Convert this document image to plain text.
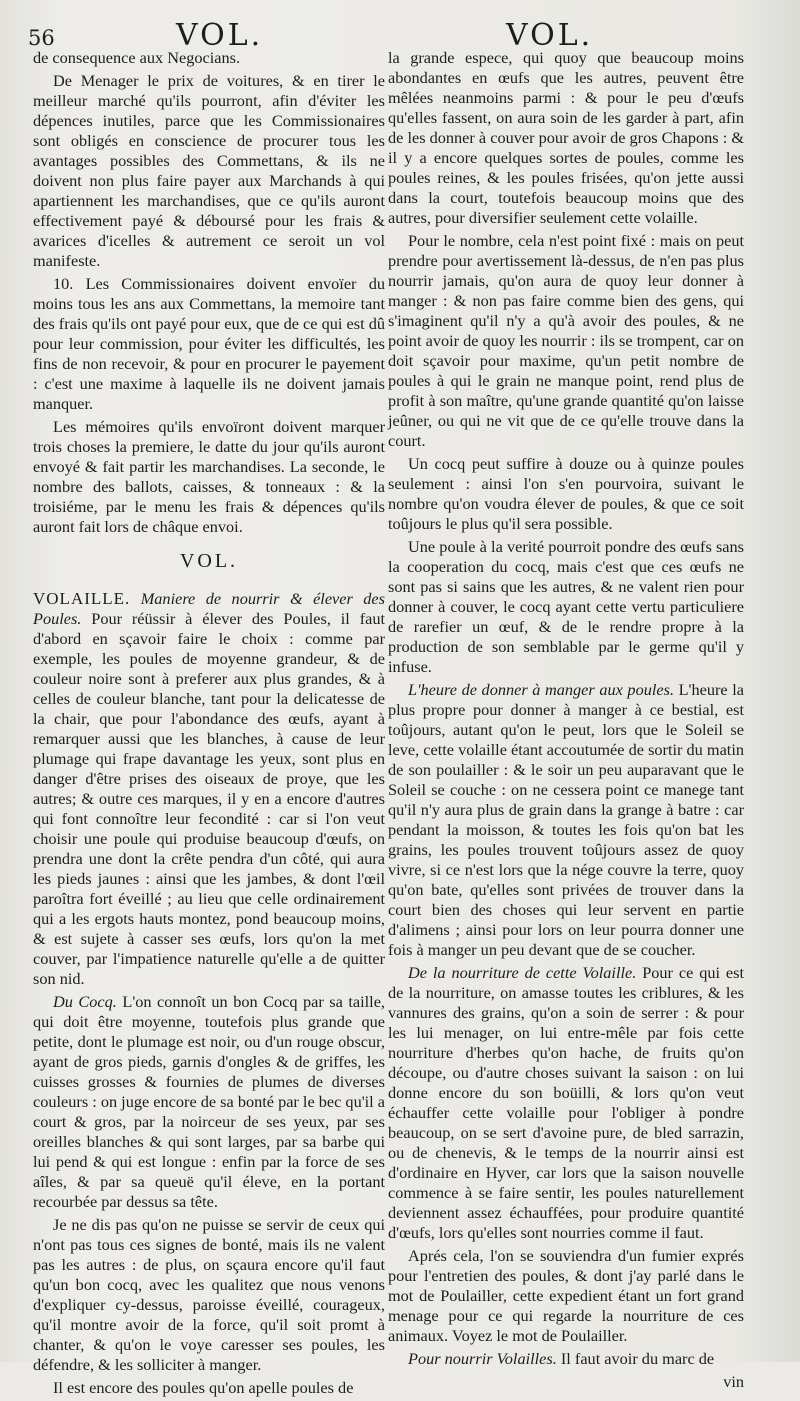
56	VOL.	VOL.

de consequence aux Negocians.

De Menager le prix de voitures, & en tirer le meilleur marché qu'ils pourront, afin d'éviter les dépences inutiles, parce que les Commissionaires sont obligés en conscience de procurer tous les avantages possibles des Commettans, & ils ne doivent non plus faire payer aux Marchands à qui apartiennent les marchandises, que ce qu'ils auront effectivement payé & déboursé pour les frais & avarices d'icelles & autrement ce seroit un vol manifeste.

10. Les Commissionaires doivent envoïer du moins tous les ans aux Commettans, la memoire tant des frais qu'ils ont payé pour eux, que de ce qui est dû pour leur commission, pour éviter les difficultés, les fins de non recevoir, & pour en procurer le payement : c'est une maxime à laquelle ils ne doivent jamais manquer.

Les mémoires qu'ils envoïront doivent marquer trois choses la premiere, le datte du jour qu'ils auront envoyé & fait partir les marchandises. La seconde, le nombre des ballots, caisses, & tonneaux : & la troisiéme, par le menu les frais & dépences qu'ils auront fait lors de châque envoi.

VOL.

VOLAILLE. Maniere de nourrir & élever des Poules. Pour réüssir à élever des Poules, il faut d'abord en sçavoir faire le choix : comme par exemple, les poules de moyenne grandeur, & de couleur noire sont à preferer aux plus grandes, & à celles de couleur blanche, tant pour la delicatesse de la chair, que pour l'abondance des œufs, ayant à remarquer aussi que les blanches, à cause de leur plumage qui frape davantage les yeux, sont plus en danger d'être prises des oiseaux de proye, que les autres; & outre ces marques, il y en a encore d'autres qui font connoître leur fecondité : car si l'on veut choisir une poule qui produise beaucoup d'œufs, on prendra une dont la crête pendra d'un côté, qui aura les pieds jaunes : ainsi que les jambes, & dont l'œil paroîtra fort éveillé ; au lieu que celle ordinairement qui a les ergots hauts montez, pond beaucoup moins, & est sujete à casser ses œufs, lors qu'on la met couver, par l'impatience naturelle qu'elle a de quitter son nid.

Du Cocq. L'on connoît un bon Cocq par sa taille, qui doit être moyenne, toutefois plus grande que petite, dont le plumage est noir, ou d'un rouge obscur, ayant de gros pieds, garnis d'ongles & de griffes, les cuisses grosses & fournies de plumes de diverses couleurs : on juge encore de sa bonté par le bec qu'il a court & gros, par la noirceur de ses yeux, par ses oreilles blanches & qui sont larges, par sa barbe qui lui pend & qui est longue : enfin par la force de ses aîles, & par sa queuë qu'il éleve, en la portant recourbée par dessus sa tête.

Je ne dis pas qu'on ne puisse se servir de ceux qui n'ont pas tous ces signes de bonté, mais ils ne valent pas les autres : de plus, on sçaura encore qu'il faut qu'un bon cocq, avec les qualitez que nous venons d'expliquer cy-dessus, paroisse éveillé, courageux, qu'il montre avoir de la force, qu'il soit promt à chanter, & qu'on le voye caresser ses poules, les défendre, & les solliciter à manger.

Il est encore des poules qu'on apelle poules de

la grande espece, qui quoy que beaucoup moins abondantes en œufs que les autres, peuvent être mêlées neanmoins parmi : & pour le peu d'œufs qu'elles fassent, on aura soin de les garder à part, afin de les donner à couver pour avoir de gros Chapons : & il y a encore quelques sortes de poules, comme les poules reines, & les poules frisées, qu'on jette aussi dans la court, toutefois beaucoup moins que des autres, pour diversifier seulement cette volaille.

Pour le nombre, cela n'est point fixé : mais on peut prendre pour avertissement là-dessus, de n'en pas plus nourrir jamais, qu'on aura de quoy leur donner à manger : & non pas faire comme bien des gens, qui s'imaginent qu'il n'y a qu'à avoir des poules, & ne point avoir de quoy les nourrir : ils se trompent, car on doit sçavoir pour maxime, qu'un petit nombre de poules à qui le grain ne manque point, rend plus de profit à son maître, qu'une grande quantité qu'on laisse jeûner, ou qui ne vit que de ce qu'elle trouve dans la court.

Un cocq peut suffire à douze ou à quinze poules seulement : ainsi l'on s'en pourvoira, suivant le nombre qu'on voudra élever de poules, & que ce soit toûjours le plus qu'il sera possible.

Une poule à la verité pourroit pondre des œufs sans la cooperation du cocq, mais c'est que ces œufs ne sont pas si sains que les autres, & ne valent rien pour donner à couver, le cocq ayant cette vertu particuliere de rarefier un œuf, & de le rendre propre à la production de son semblable par le germe qu'il y infuse.

L'heure de donner à manger aux poules. L'heure la plus propre pour donner à manger à ce bestial, est toûjours, autant qu'on le peut, lors que le Soleil se leve, cette volaille étant accoutumée de sortir du matin de son poulailler : & le soir un peu auparavant que le Soleil se couche : on ne cessera point ce manege tant qu'il n'y aura plus de grain dans la grange à batre : car pendant la moisson, & toutes les fois qu'on bat les grains, les poules trouvent toûjours assez de quoy vivre, si ce n'est lors que la nége couvre la terre, quoy qu'on bate, qu'elles sont privées de trouver dans la court bien des choses qui leur servent en partie d'alimens ; ainsi pour lors on leur pourra donner une fois à manger un peu devant que de se coucher.

De la nourriture de cette Volaille. Pour ce qui est de la nourriture, on amasse toutes les criblures, & les vannures des grains, qu'on a soin de serrer : & pour les lui menager, on lui entre-mêle par fois cette nourriture d'herbes qu'on hache, de fruits qu'on découpe, ou d'autre choses suivant la saison : on lui donne encore du son boüilli, & lors qu'on veut échauffer cette volaille pour l'obliger à pondre beaucoup, on se sert d'avoine pure, de bled sarrazin, ou de chenevis, & le temps de la nourrir ainsi est d'ordinaire en Hyver, car lors que la saison nouvelle commence à se faire sentir, les poules naturellement deviennent assez échauffées, pour produire quantité d'œufs, lors qu'elles sont nourries comme il faut.

Aprés cela, l'on se souviendra d'un fumier exprés pour l'entretien des poules, & dont j'ay parlé dans le mot de Poulailler, cette expedient étant un fort grand menage pour ce qui regarde la nourriture de ces animaux. Voyez le mot de Poulailler.

Pour nourrir Volailles. Il faut avoir du marc de

vin
